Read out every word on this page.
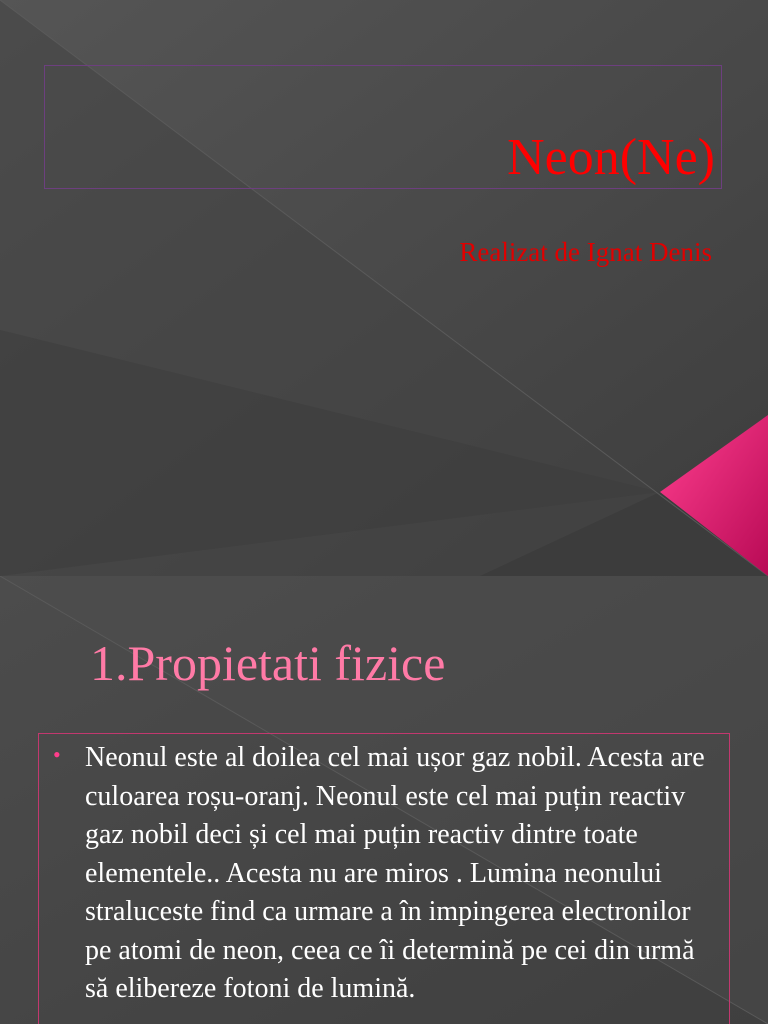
Neon(Ne)
Realizat de Ignat Denis
1.Propietati fizice
• Neonul este al doilea cel mai ușor gaz nobil. Acesta are culoarea roșu-oranj. Neonul este cel mai puțin reactiv gaz nobil deci și cel mai puțin reactiv dintre toate elementele.. Acesta nu are miros . Lumina neonului straluceste find ca urmare a în impingerea electronilor pe atomi de neon, ceea ce îi determină pe cei din urmă să elibereze fotoni de lumină.
